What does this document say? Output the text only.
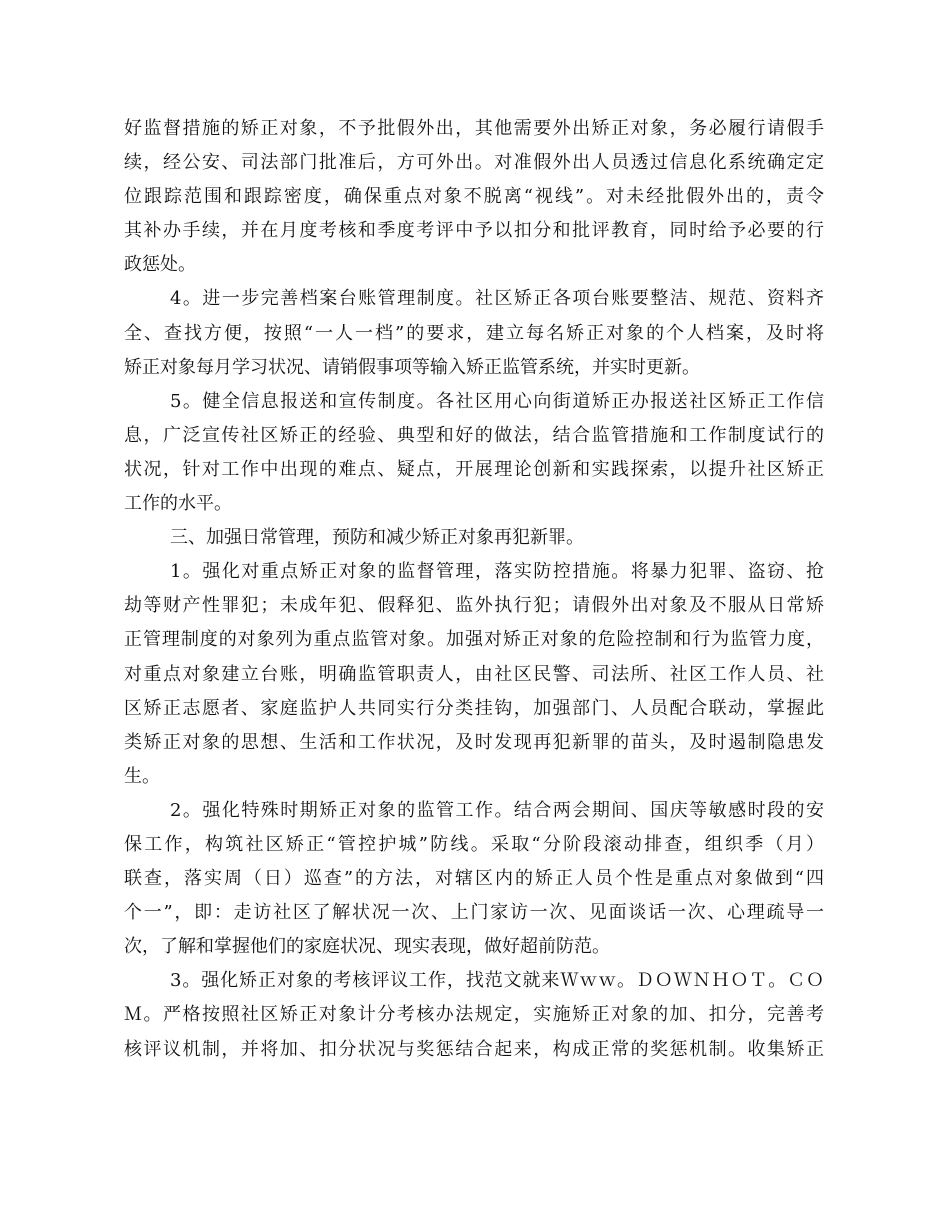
好监督措施的矫正对象，不予批假外出，其他需要外出矫正对象，务必履行请假手
续，经公安、司法部门批准后，方可外出。对准假外出人员透过信息化系统确定定
位跟踪范围和跟踪密度，确保重点对象不脱离“视线”。对未经批假外出的，责令
其补办手续，并在月度考核和季度考评中予以扣分和批评教育，同时给予必要的行
政惩处。
4。进一步完善档案台账管理制度。社区矫正各项台账要整洁、规范、资料齐
全、查找方便，按照“一人一档”的要求，建立每名矫正对象的个人档案，及时将
矫正对象每月学习状况、请销假事项等输入矫正监管系统，并实时更新。
5。健全信息报送和宣传制度。各社区用心向街道矫正办报送社区矫正工作信
息，广泛宣传社区矫正的经验、典型和好的做法，结合监管措施和工作制度试行的
状况，针对工作中出现的难点、疑点，开展理论创新和实践探索，以提升社区矫正
工作的水平。
三、加强日常管理，预防和减少矫正对象再犯新罪。
1。强化对重点矫正对象的监督管理，落实防控措施。将暴力犯罪、盗窃、抢
劫等财产性罪犯；未成年犯、假释犯、监外执行犯；请假外出对象及不服从日常矫
正管理制度的对象列为重点监管对象。加强对矫正对象的危险控制和行为监管力度，
对重点对象建立台账，明确监管职责人，由社区民警、司法所、社区工作人员、社
区矫正志愿者、家庭监护人共同实行分类挂钩，加强部门、人员配合联动，掌握此
类矫正对象的思想、生活和工作状况，及时发现再犯新罪的苗头，及时遏制隐患发
生。
2。强化特殊时期矫正对象的监管工作。结合两会期间、国庆等敏感时段的安
保工作，构筑社区矫正“管控护城”防线。采取“分阶段滚动排查，组织季（月）
联查，落实周（日）巡查”的方法，对辖区内的矫正人员个性是重点对象做到“四
个一”，即：走访社区了解状况一次、上门家访一次、见面谈话一次、心理疏导一
次，了解和掌握他们的家庭状况、现实表现，做好超前防范。
3。强化矫正对象的考核评议工作，找范文就来Ｗｗｗ。ＤＯＷＮＨＯＴ。ＣＯ
Ｍ。严格按照社区矫正对象计分考核办法规定，实施矫正对象的加、扣分，完善考
核评议机制，并将加、扣分状况与奖惩结合起来，构成正常的奖惩机制。收集矫正
